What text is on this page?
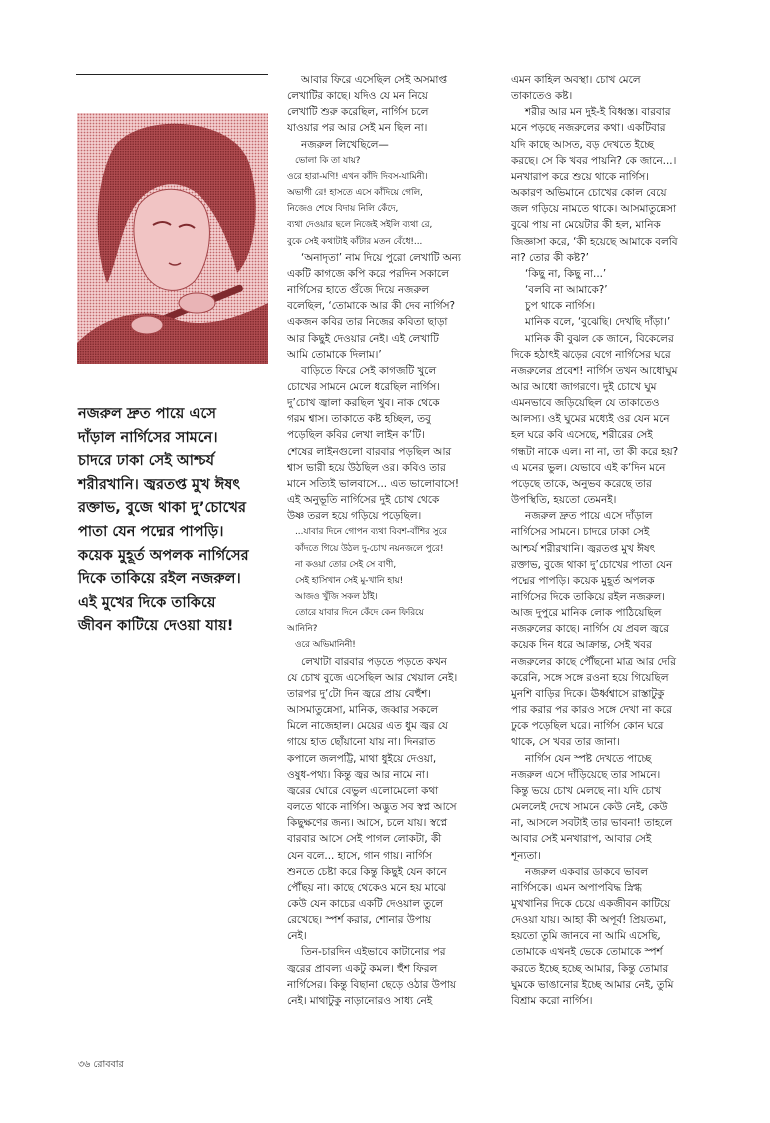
নজরুল দ্রুত পায়ে এসে
দাঁড়াল নার্গিসের সামনে।
চাদরে ঢাকা সেই আশ্চর্য
শরীরখানি। জ্বরতপ্ত মুখ ঈষৎ
রক্তাভ, বুজে থাকা দু’চোখের
পাতা যেন পদ্মের পাপড়ি।
কয়েক মুহূর্ত অপলক নার্গিসের
দিকে তাকিয়ে রইল নজরুল।
এই মুখের দিকে তাকিয়ে
জীবন কাটিয়ে দেওয়া যায়!
আবার ফিরে এসেছিল সেই অসমাপ্ত
লেখাটির কাছে। যদিও যে মন নিয়ে
লেখাটি শুরু করেছিল, নার্গিস চলে
যাওয়ার পর আর সেই মন ছিল না।
নজরুল লিখেছিলে—
ভোলা কি তা যায়?
ওরে হারা-মণি! এখন কাঁদি দিবস-যামিনী।
অভাগী রে! হাসতে এসে কাঁদিয়ে গেলি,
নিজেও শেষে বিদায় নিলি কেঁদে,
ব্যথা দেওয়ার ছলে নিজেই সইলি ব্যথা রে,
বুকে সেই কথাটাই কাঁটার মতন বেঁধে!...
‘অনাদৃতা’ নাম দিয়ে পুরো লেখাটি অন্য
একটি কাগজে কপি করে পরদিন সকালে
নার্গিসের হাতে গুঁজে দিয়ে নজরুল
বলেছিল, ‘তোমাকে আর কী দেব নার্গিস?
একজন কবির তার নিজের কবিতা ছাড়া
আর কিছুই দেওয়ার নেই। এই লেখাটি
আমি তোমাকে দিলাম।’
বাড়িতে ফিরে সেই কাগজটি খুলে
চোখের সামনে মেলে ধরেছিল নার্গিস।
দু’চোখ জ্বালা করছিল খুব। নাক থেকে
গরম শ্বাস। তাকাতে কষ্ট হচ্ছিল, তবু
পড়েছিল কবির লেখা লাইন ক’টি।
শেষের লাইনগুলো বারবার পড়ছিল আর
শ্বাস ভারী হয়ে উঠছিল ওর। কবিও তার
মানে সত্যিই ভালবাসে... এত ভালোবাসে!
এই অনুভূতি নার্গিসের দুই চোখ থেকে
উষ্ণ তরল হয়ে গড়িয়ে পড়েছিল।
...যাবার দিনে গোপন ব্যথা বিবশ-বাঁশির সুরে
কাঁদতে গিয়ে উঠল দু-চোখ নয়নজলে পুরে!
না কওয়া তোর সেই সে বাণী,
সেই হাসিখান সেই মু-খানি হায়!
আজও খুঁজি সকল ঠাঁই।
তোরে যাবার দিনে কেঁদে কেন ফিরিয়ে
আনিনি?
ওরে অভিমানিনী!
লেখাটা বারবার পড়তে পড়তে কখন
যে চোখ বুজে এসেছিল আর খেয়াল নেই।
তারপর দু’টো দিন জ্বরে প্রায় বেহুঁশ।
আসমাতুন্নেসা, মানিক, জব্বার সকলে
মিলে নাজেহাল। মেয়ের এত ধুম জ্বর যে
গায়ে হাত ছোঁয়ানো যায় না। দিনরাত
কপালে জলপট্টি, মাথা ধুইয়ে দেওয়া,
ওষুধ-পথ্য। কিন্তু জ্বর আর নামে না।
জ্বরের ঘোরে বেভুল এলোমেলো কথা
বলতে থাকে নার্গিস। অদ্ভুত সব স্বপ্ন আসে
কিছুক্ষণের জন্য। আসে, চলে যায়। স্বপ্নে
বারবার আসে সেই পাগল লোকটা, কী
যেন বলে... হাসে, গান গায়। নার্গিস
শুনতে চেষ্টা করে কিন্তু কিছুই যেন কানে
পৌঁছয় না। কাছে থেকেও মনে হয় মাঝে
কেউ যেন কাচের একটি দেওয়াল তুলে
রেখেছে। স্পর্শ করার, শোনার উপায়
নেই।
তিন-চারদিন এইভাবে কাটানোর পর
জ্বরের প্রাবল্য একটু কমল। হুঁশ ফিরল
নার্গিসের। কিন্তু বিছানা ছেড়ে ওঠার উপায়
নেই। মাথাটুকু নাড়ানোরও সাধ্য নেই
এমন কাহিল অবস্থা। চোখ মেলে
তাকাতেও কষ্ট।
শরীর আর মন দুই-ই বিধ্বস্ত। বারবার
মনে পড়ছে নজরুলের কথা। একটিবার
যদি কাছে আসত, বড় দেখতে ইচ্ছে
করছে। সে কি খবর পায়নি? কে জানে...।
মনখারাপ করে শুয়ে থাকে নার্গিস।
অকারণ অভিমানে চোখের কোল বেয়ে
জল গড়িয়ে নামতে থাকে। আসমাতুন্নেসা
বুঝে পায় না মেয়েটার কী হল, মানিক
জিজ্ঞাসা করে, ‘কী হয়েছে আমাকে বলবি
না? তোর কী কষ্ট?’
‘কিছু না, কিছু না...’
‘বলবি না আমাকে?’
চুপ থাকে নার্গিস।
মানিক বলে, ‘বুঝেছি। দেখছি দাঁড়া।’
মানিক কী বুঝল কে জানে, বিকেলের
দিকে হঠাৎই ঝড়ের বেগে নার্গিসের ঘরে
নজরুলের প্রবেশ! নার্গিস তখন আধোঘুম
আর আধো জাগরণে। দুই চোখে ঘুম
এমনভাবে জড়িয়েছিল যে তাকাতেও
আলস্য। ওই ঘুমের মধ্যেই ওর যেন মনে
হল ঘরে কবি এসেছে, শরীরের সেই
গন্ধটা নাকে এল। না না, তা কী করে হয়?
এ মনের ভুল। যেভাবে এই ক’দিন মনে
পড়েছে তাকে, অনুভব করেছে তার
উপস্থিতি, হয়তো তেমনই।
নজরুল দ্রুত পায়ে এসে দাঁড়াল
নার্গিসের সামনে। চাদরে ঢাকা সেই
আশ্চর্য শরীরখানি। জ্বরতপ্ত মুখ ঈষৎ
রক্তাভ, বুজে থাকা দু’চোখের পাতা যেন
পদ্মের পাপড়ি। কয়েক মুহূর্ত অপলক
নার্গিসের দিকে তাকিয়ে রইল নজরুল।
আজ দুপুরে মানিক লোক পাঠিয়েছিল
নজরুলের কাছে। নার্গিস যে প্রবল জ্বরে
কয়েক দিন ধরে আক্রান্ত, সেই খবর
নজরুলের কাছে পৌঁছনো মাত্র আর দেরি
করেনি, সঙ্গে সঙ্গে রওনা হয়ে গিয়েছিল
মুনশি বাড়ির দিকে। ঊর্ধ্বশ্বাসে রাস্তাটুকু
পার করার পর কারও সঙ্গে দেখা না করে
ঢুকে পড়েছিল ঘরে। নার্গিস কোন ঘরে
থাকে, সে খবর তার জানা।
নার্গিস যেন স্পষ্ট দেখতে পাচ্ছে
নজরুল এসে দাঁড়িয়েছে তার সামনে।
কিন্তু ভয়ে চোখ মেলছে না। যদি চোখ
মেললেই দেখে সামনে কেউ নেই, কেউ
না, আসলে সবটাই তার ভাবনা! তাহলে
আবার সেই মনখারাপ, আবার সেই
শূন্যতা।
নজরুল একবার ডাকবে ভাবল
নার্গিসকে। এমন অপাপবিদ্ধ স্নিগ্ধ
মুখখানির দিকে চেয়ে একজীবন কাটিয়ে
দেওয়া যায়। আহা কী অপূর্ব! প্রিয়তমা,
হয়তো তুমি জানবে না আমি এসেছি,
তোমাকে এখনই ভেকে তোমাকে স্পর্শ
করতে ইচ্ছে হচ্ছে আমার, কিন্তু তোমার
ঘুমকে ভাঙানোর ইচ্ছে আমার নেই, তুমি
বিশ্রাম করো নার্গিস।
৩৬ রোববার
